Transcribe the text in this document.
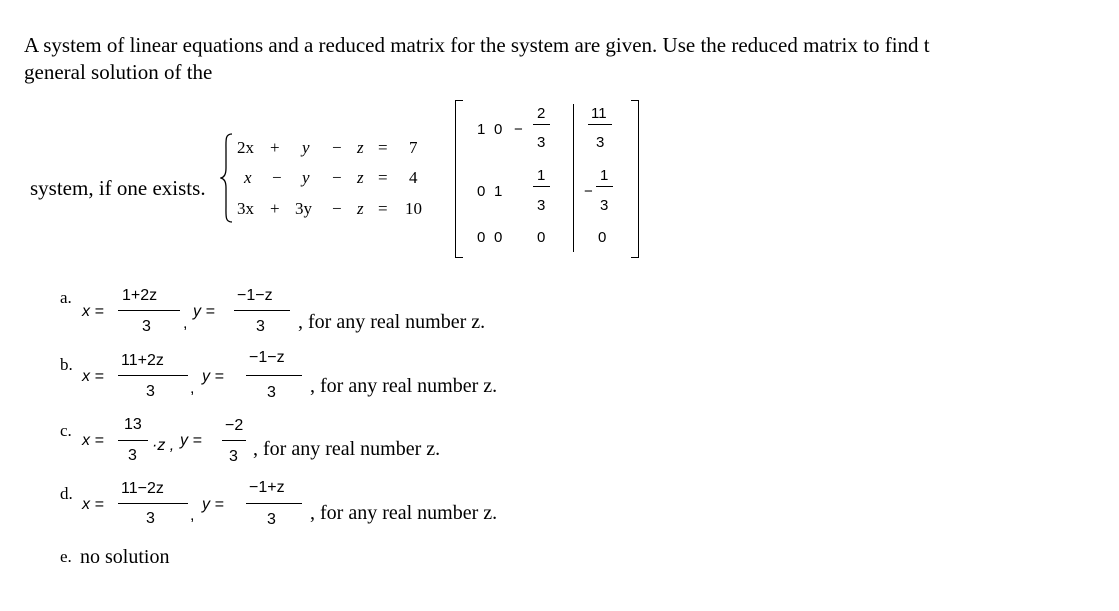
A system of linear equations and a reduced matrix for the system are given. Use the reduced matrix to find t
general solution of the
system, if one exists.
2x + y − z = 7
x − y − z = 4
3x + 3y − z = 10
1 0 −
2
3
11
3
0 1
1
3
−
1
3
0 0 0	0
a.
x =
1+2z
3 ,
y =
−1−z
3 , for any real number z.
b.
x =
11+2z
3 ,
y =
−1−z
3 , for any real number z.
c.
x =
13
3
·z , y =
−2
3 , for any real number z.
d.
x =
11−2z
3 ,
y =
−1+z
3 , for any real number z.
e. no solution
